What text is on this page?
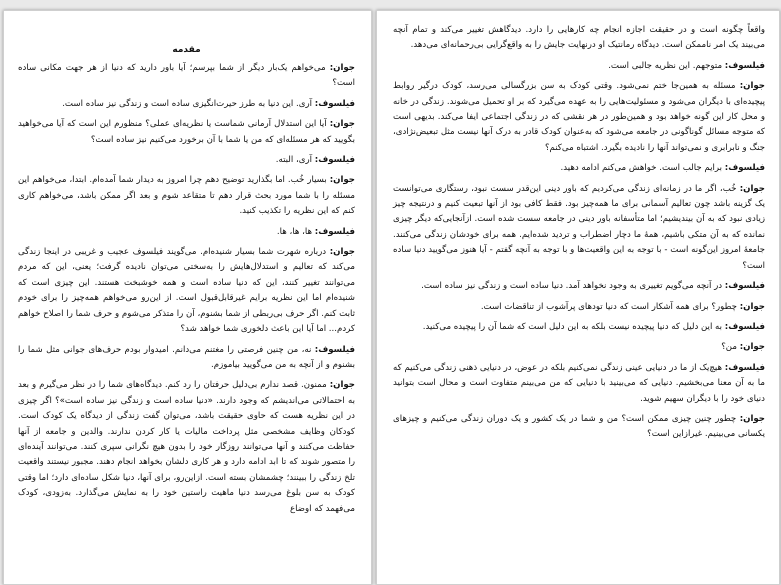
مقدمه

جوان: می‌خواهم یک‌بار دیگر از شما بپرسم؛ آیا باور دارید که دنیا از هر جهت مکانی ساده است؟

فیلسوف: آری. این دنیا به طرز حیرت‌انگیزی ساده است و زندگی نیز ساده است.

جوان: آیا این استدلال آرمانی شماست یا نظریه‌ای عملی؟ منظورم این است که آیا می‌خواهید بگویید که هر مسئله‌ای که من یا شما با آن برخورد می‌کنیم نیز ساده است؟

فیلسوف: آری، البته.

جوان: بسیار خُب. اما بگذارید توضیح دهم چرا امروز به دیدار شما آمده‌ام. ابتدا، می‌خواهم این مسئله را با شما مورد بحث قرار دهم تا متقاعد شوم و بعد اگر ممکن باشد، می‌خواهم کاری کنم که این نظریه را تکذیب کنید.

فیلسوف: ها، ها، ها.

جوان: درباره شهرت شما بسیار شنیده‌ام. می‌گویند فیلسوف عجیب و غریبی در اینجا زندگی می‌کند که تعالیم و استدلال‌هایش را به‌سختی می‌توان نادیده گرفت؛ یعنی، این که مردم می‌توانند تغییر کنند، این که دنیا ساده است و همه خوشبخت هستند. این چیزی است که شنیده‌ام اما این نظریه برایم غیرقابل‌قبول است. از این‌رو می‌خواهم همه‌چیز را برای خودم ثابت کنم. اگر حرف بی‌ربطی از شما بشنوم، آن را متذکر می‌شوم و حرف شما را اصلاح خواهم کردم... اما آیا این باعث دلخوری شما خواهد شد؟

فیلسوف: نه، من چنین فرصتی را مغتنم می‌دانم. امیدوار بودم حرف‌های جوانی مثل شما را بشنوم و از آنچه به من می‌گویید بیاموزم.

جوان: ممنون. قصد ندارم بی‌دلیل حرفتان را رد کنم. دیدگاه‌های شما را در نظر می‌گیرم و بعد به احتمالاتی می‌اندیشم که وجود دارند. «دنیا ساده است و زندگی نیز ساده است»؟ اگر چیزی در این نظریه هست که حاوی حقیقت باشد، می‌توان گفت زندگی از دیدگاه یک کودک است. کودکان وظایف مشخصی مثل پرداخت مالیات یا کار کردن ندارند. والدین و جامعه از آنها حفاظت می‌کنند و آنها می‌توانند روزگار خود را بدون هیچ نگرانی سپری کنند. می‌توانند آینده‌ای را متصور شوند که تا ابد ادامه دارد و هر کاری دلشان بخواهد انجام دهند. مجبور نیستند واقعیت تلخ زندگی را ببینند؛ چشمشان بسته است. ازاین‌رو، برای آنها، دنیا شکل ساده‌ای دارد؛ اما وقتی کودک به سن بلوغ می‌رسد دنیا ماهیت راستین خود را به نمایش می‌گذارد. به‌زودی، کودک می‌فهمد که اوضاع

واقعاً چگونه است و در حقیقت اجازه انجام چه کارهایی را دارد. دیدگاهش تغییر می‌کند و تمام آنچه می‌بیند یک امر ناممکن است. دیدگاه رمانتیک او درنهایت جایش را به واقع‌گرایی بی‌رحمانه‌ای می‌دهد.

فیلسوف: متوجهم. این نظریه جالبی است.

جوان: مسئله به همین‌جا ختم نمی‌شود. وقتی کودک به سن بزرگسالی می‌رسد، کودک درگیر روابط پیچیده‌ای با دیگران می‌شود و مسئولیت‌هایی را به عهده می‌گیرد که بر او تحمیل می‌شوند. زندگی در خانه و محل کار این گونه خواهد بود و همین‌طور در هر نقشی که در زندگی اجتماعی ایفا می‌کند. بدیهی است که متوجه مسائل گوناگونی در جامعه می‌شود که به‌عنوان کودک قادر به درک آنها نیست مثل تبعیض‌نژادی، جنگ و نابرابری و نمی‌تواند آنها را نادیده بگیرد. اشتباه می‌کنم؟

فیلسوف: برایم جالب است. خواهش می‌کنم ادامه دهید.

جوان: خُب، اگر ما در زمانه‌ای زندگی می‌کردیم که باور دینی این‌قدر سست نبود، رستگاری می‌توانست یک گزینه باشد چون تعالیم آسمانی برای ما همه‌چیز بود. فقط کافی بود از آنها تبعیت کنیم و درنتیجه چیز زیادی نبود که به آن بیندیشیم؛ اما متأسفانه باور دینی در جامعه سست شده است. ازآنجایی‌که دیگر چیزی نمانده که به آن متکی باشیم، همهٔ ما دچار اضطراب و تردید شده‌ایم. همه برای خودشان زندگی می‌کنند. جامعهٔ امروز این‌گونه است - با توجه به این واقعیت‌ها و با توجه به آنچه گفتم - آیا هنوز می‌گویید دنیا ساده است؟

فیلسوف: در آنچه می‌گویم تغییری به وجود نخواهد آمد. دنیا ساده است و زندگی نیز ساده است.

جوان: چطور؟ برای همه آشکار است که دنیا تودهای پرآشوب از تناقضات است.

فیلسوف: به این دلیل که دنیا پیچیده نیست بلکه به این دلیل است که شما آن را پیچیده می‌کنید.

جوان: من؟

فیلسوف: هیچ‌یک از ما در دنیایی عینی زندگی نمی‌کنیم بلکه در عوض، در دنیایی ذهنی زندگی می‌کنیم که ما به آن معنا می‌بخشیم. دنیایی که می‌بینید با دنیایی که من می‌بینم متفاوت است و محال است بتوانید دنیای خود را با دیگران سهیم شوید.

جوان: چطور چنین چیزی ممکن است؟ من و شما در یک کشور و یک دوران زندگی می‌کنیم و چیزهای یکسانی می‌بینیم. غیرازاین است؟
